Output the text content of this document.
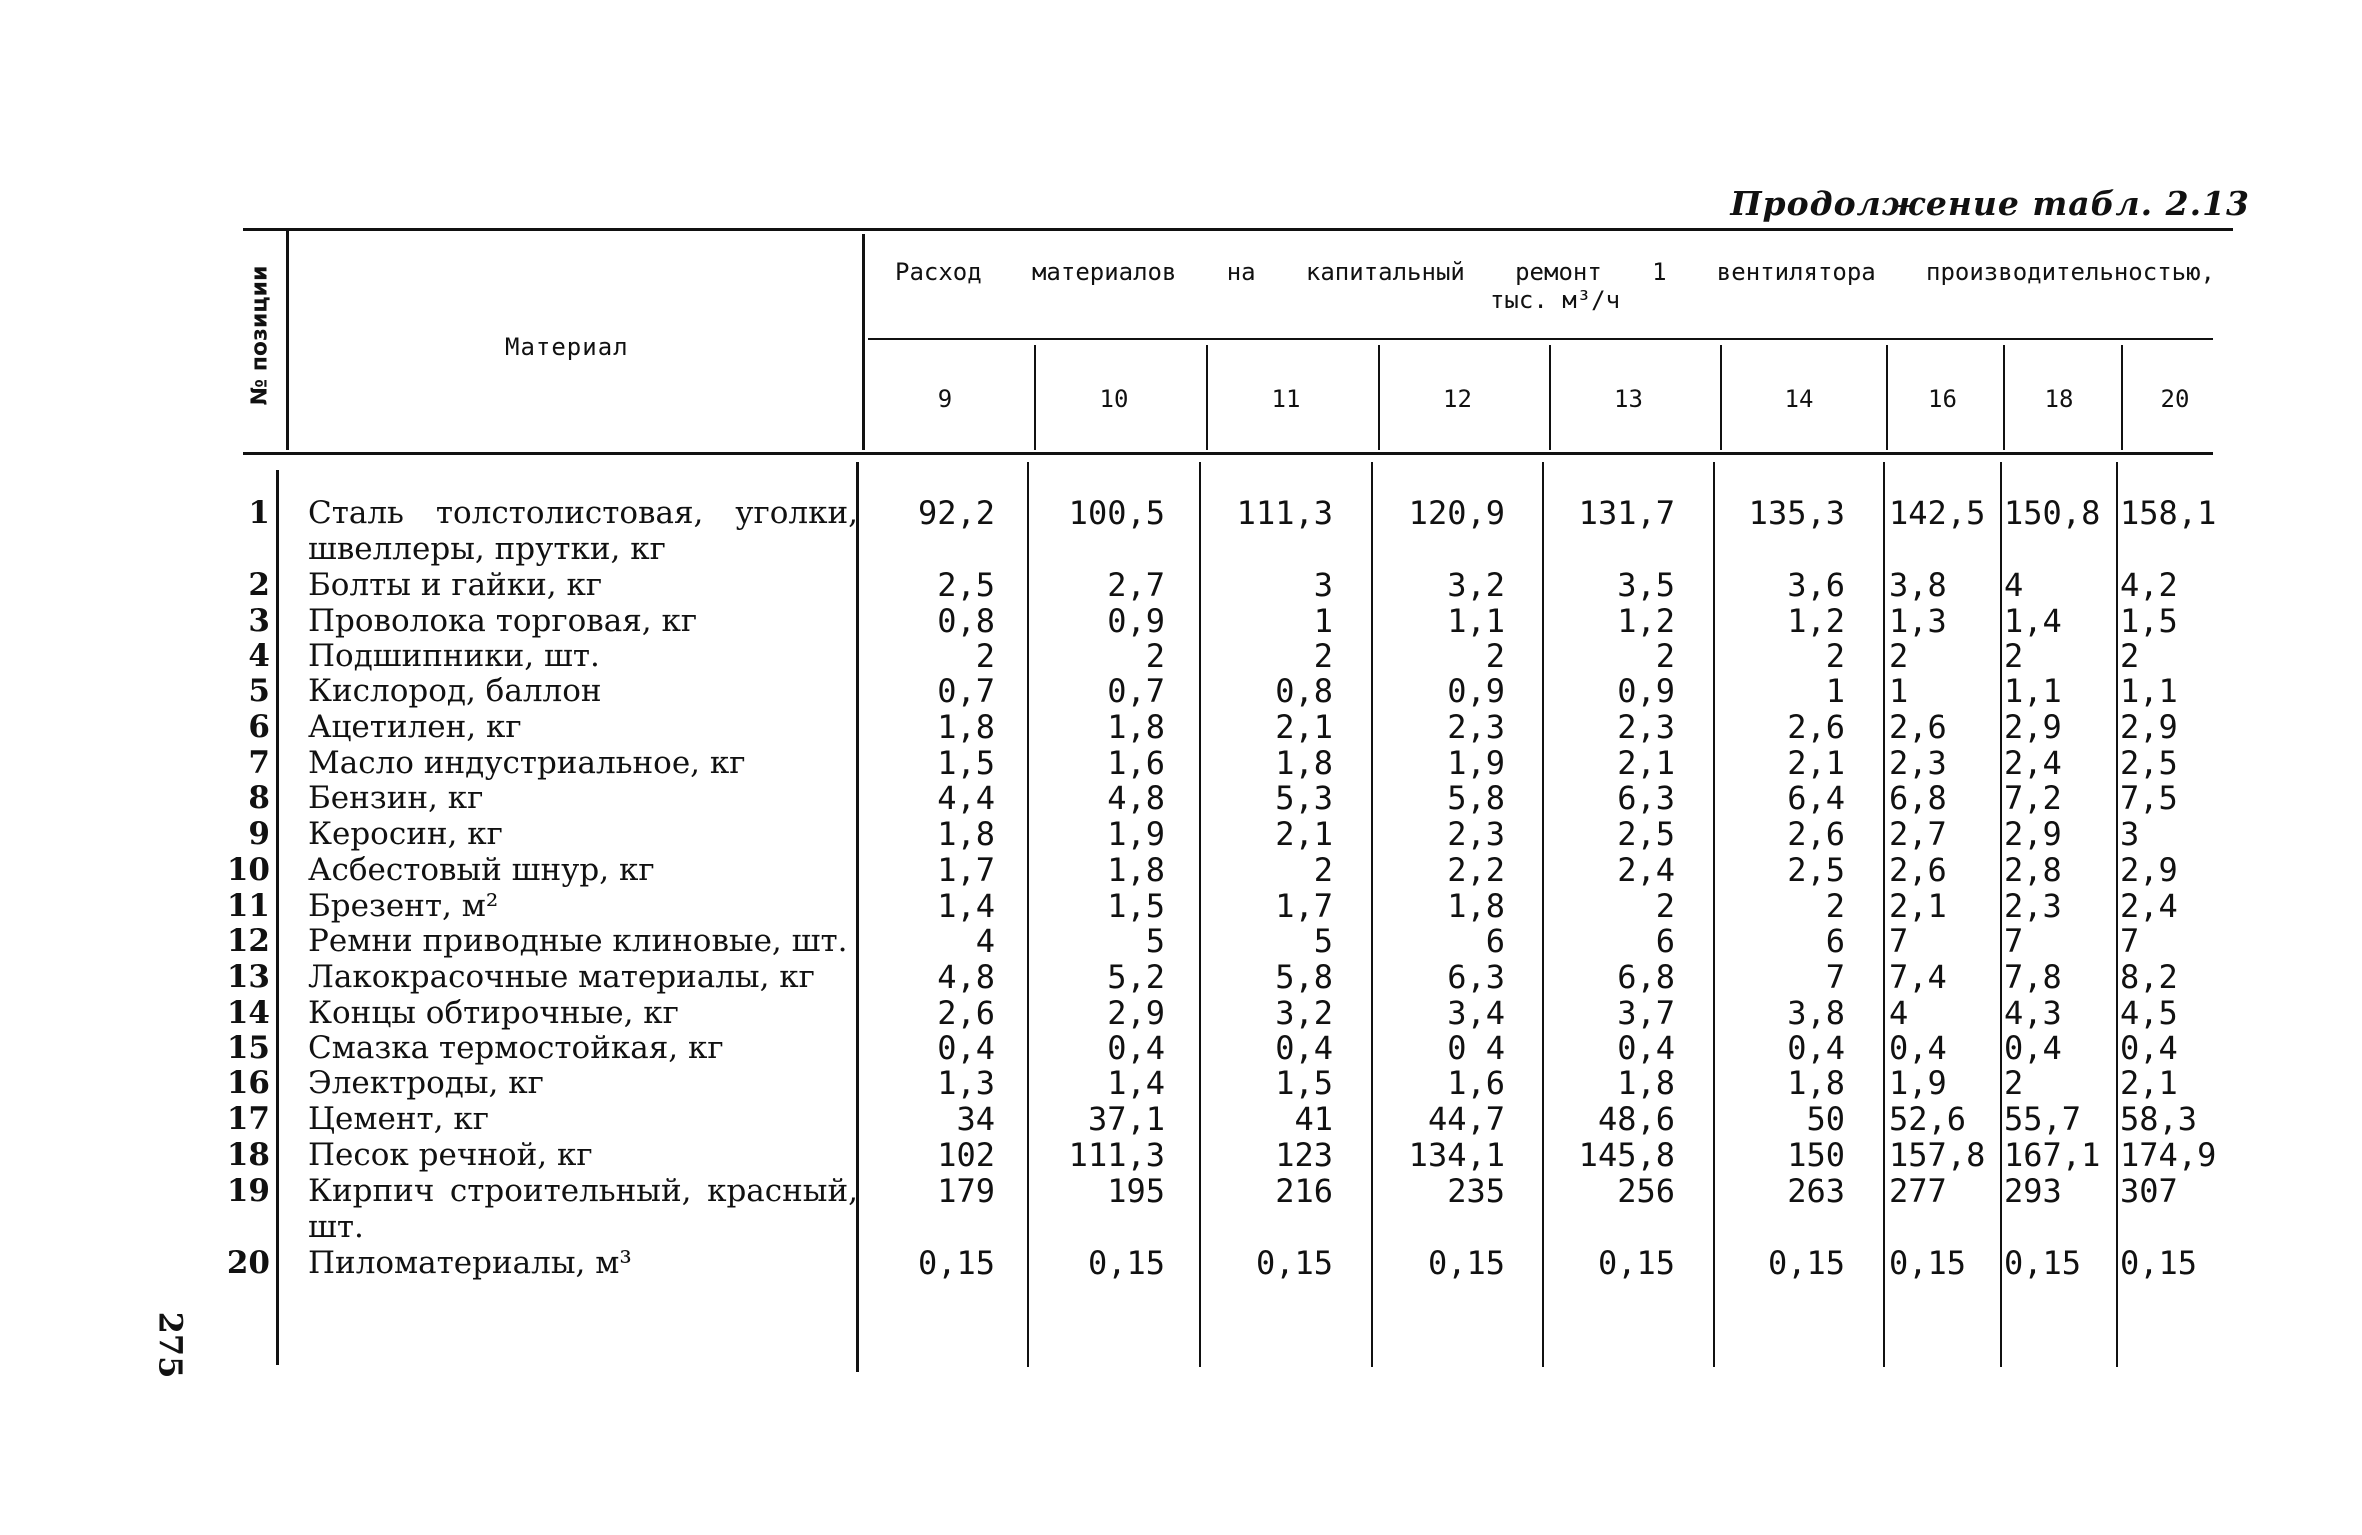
Продолжение табл. 2.13
№ позиции	Материал
Расход материалов на капитальный ремонт 1 вентилятора производительностью,
тыс. м³/ч
9	10	11	12	13	14	16	18	20
1 Сталь толстолистовая, уголки, швеллеры, прутки, кг
92,2 100,5 111,3 120,9 131,7 135,3 142,5 150,8 158,1
2 Болты и гайки, кг	2,5	2,7	3	3,2	3,5	3,6 3,8	4	4,2
3 Проволока торговая, кг	0,8	0,9	1	1,1	1,2	1,2 1,3	1,4	1,5
4 Подшипники, шт.	2	2	2	2	2	2 2	2	2
5 Кислород, баллон	0,7	0,7	0,8	0,9	0,9	1 1	1,1	1,1
6 Ацетилен, кг	1,8	1,8	2,1	2,3	2,3	2,6 2,6	2,9	2,9
7 Масло индустриальное, кг	1,5	1,6	1,8	1,9	2,1	2,1 2,3	2,4	2,5
8 Бензин, кг	4,4	4,8	5,3	5,8	6,3	6,4 6,8	7,2	7,5
9 Керосин, кг	1,8	1,9	2,1	2,3	2,5	2,6 2,7	2,9	3
10 Асбестовый шнур, кг	1,7	1,8	2	2,2	2,4	2,5 2,6	2,8	2,9
11 Брезент, м²	1,4	1,5	1,7	1,8	2	2 2,1	2,3	2,4
12 Ремни приводные клиновые, шт.	4	5	5	6	6	6 7	7	7
13 Лакокрасочные материалы, кг	4,8	5,2	5,8	6,3	6,8	7 7,4	7,8	8,2
14 Концы обтирочные, кг	2,6	2,9	3,2	3,4	3,7	3,8 4	4,3	4,5
15 Смазка термостойкая, кг	0,4	0,4	0,4	0 4	0,4	0,4 0,4	0,4	0,4
16 Электроды, кг	1,3	1,4	1,5	1,6	1,8	1,8 1,9	2	2,1
17 Цемент, кг	34	37,1	41	44,7	48,6	50 52,6	55,7	58,3
18 Песок речной, кг	102 111,3	123 134,1 145,8	150 157,8 167,1 174,9
19 Кирпич строительный, красный, шт.
179	195	216	235	256	263 277	293	307
20 Пиломатериалы, м³	0,15	0,15	0,15	0,15	0,15	0,15 0,15	0,15	0,15
275
